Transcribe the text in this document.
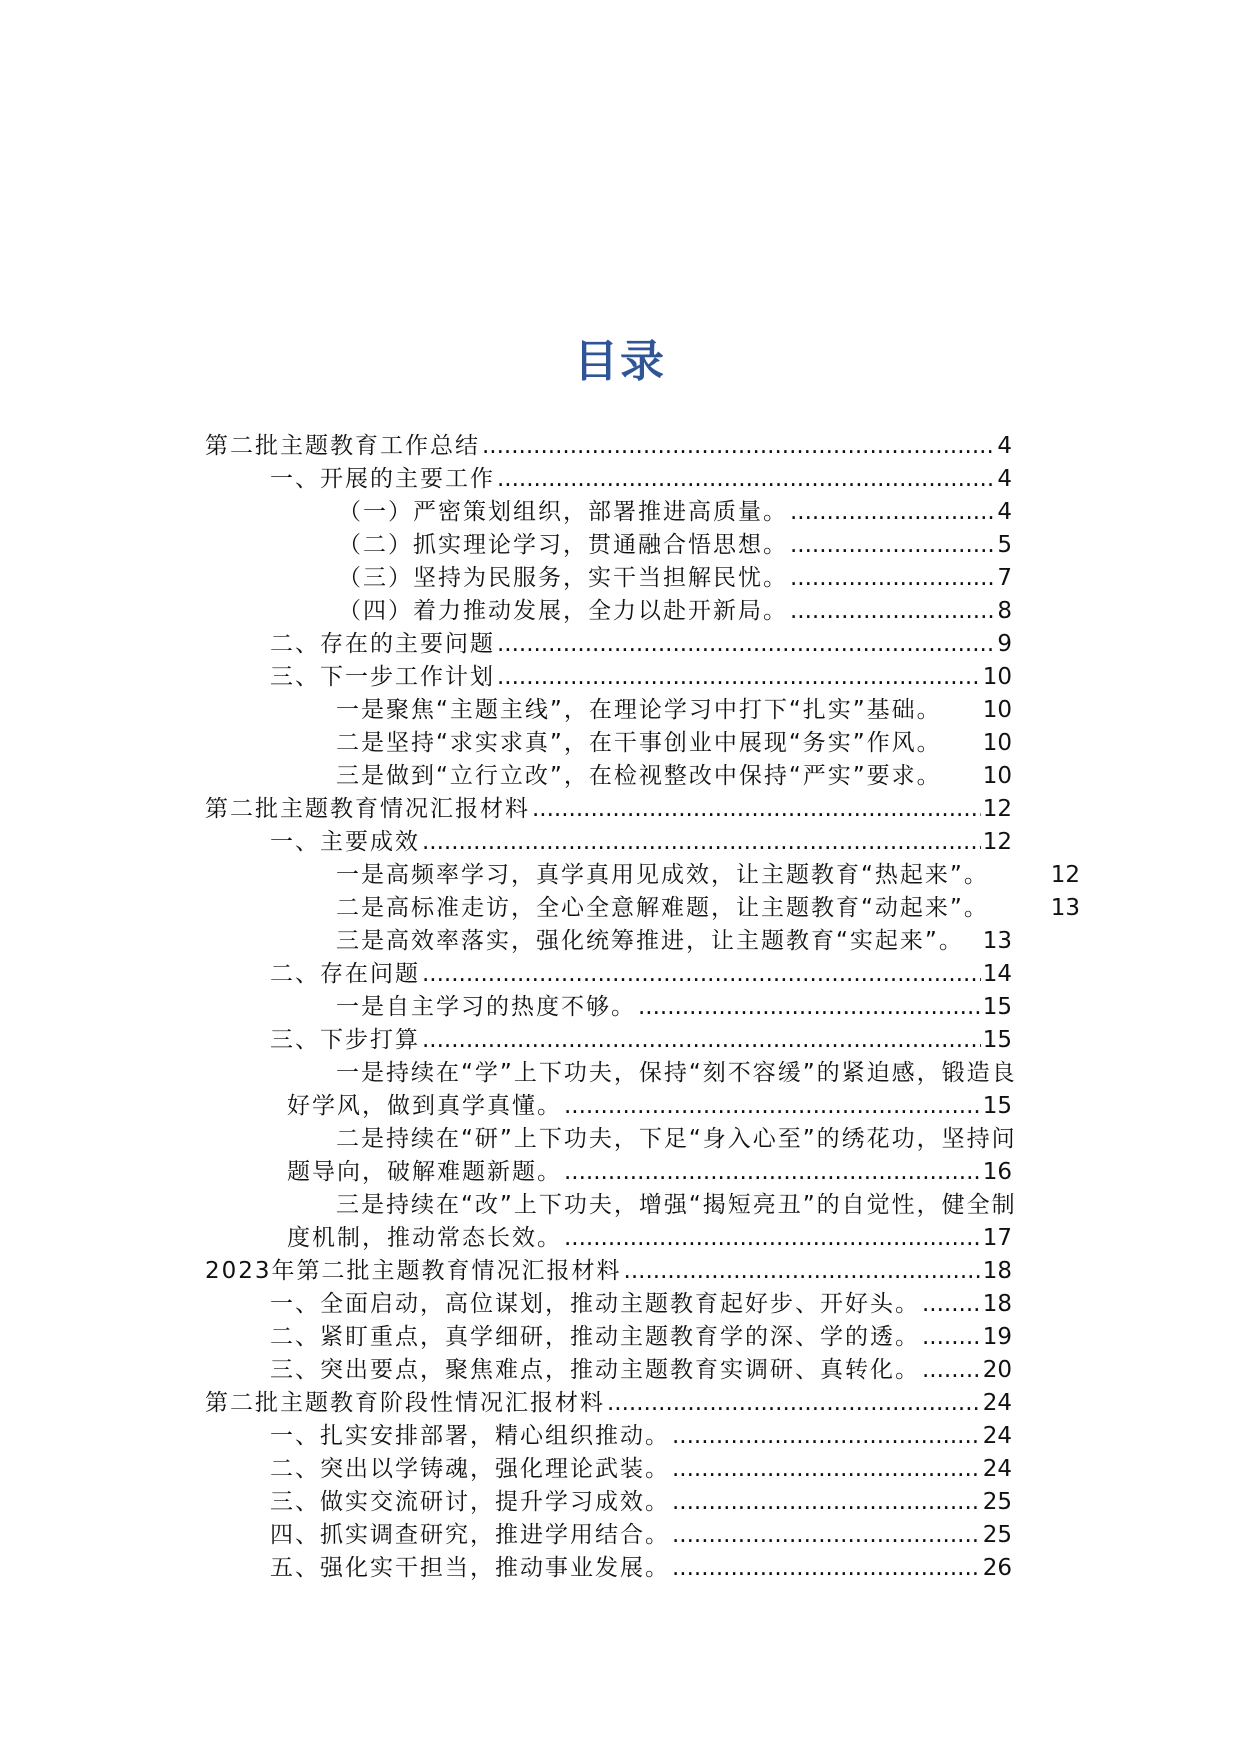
目录
第二批主题教育工作总结 .....	4
一、开展的主要工作 .....	4
（一）严密策划组织，部署推进高质量。 .....	4
（二）抓实理论学习，贯通融合悟思想。 .....	5
（三）坚持为民服务，实干当担解民忧。 .....	7
（四）着力推动发展，全力以赴开新局。 .....	8
二、存在的主要问题 .....	9
三、下一步工作计划 .....	10
一是聚焦“主题主线”，在理论学习中打下“扎实”基础。 10
二是坚持“求实求真”，在干事创业中展现“务实”作风。 10
三是做到“立行立改”，在检视整改中保持“严实”要求。 10
第二批主题教育情况汇报材料 .....	12
一、主要成效 .....	12
一是高频率学习，真学真用见成效，让主题教育“热起来”。	12
二是高标准走访，全心全意解难题，让主题教育“动起来”。	13
三是高效率落实，强化统筹推进，让主题教育“实起来”。 13
二、存在问题 .....	14
一是自主学习的热度不够。 .....	15
三、下步打算 .....	15
一是持续在“学”上下功夫，保持“刻不容缓”的紧迫感，锻造良
好学风，做到真学真懂。 .....	15
二是持续在“研”上下功夫，下足“身入心至”的绣花功，坚持问
题导向，破解难题新题。 .....	16
三是持续在“改”上下功夫，增强“揭短亮丑”的自觉性，健全制
度机制，推动常态长效。 .....	17
2023年第二批主题教育情况汇报材料 .....	18
一、全面启动，高位谋划，推动主题教育起好步、开好头。 .....	18
二、紧盯重点，真学细研，推动主题教育学的深、学的透。 .....	19
三、突出要点，聚焦难点，推动主题教育实调研、真转化。 .....	20
第二批主题教育阶段性情况汇报材料 .....	24
一、扎实安排部署，精心组织推动。 .....	24
二、突出以学铸魂，强化理论武装。 .....	24
三、做实交流研讨，提升学习成效。 .....	25
四、抓实调查研究，推进学用结合。 .....	25
五、强化实干担当，推动事业发展。 .....	26
